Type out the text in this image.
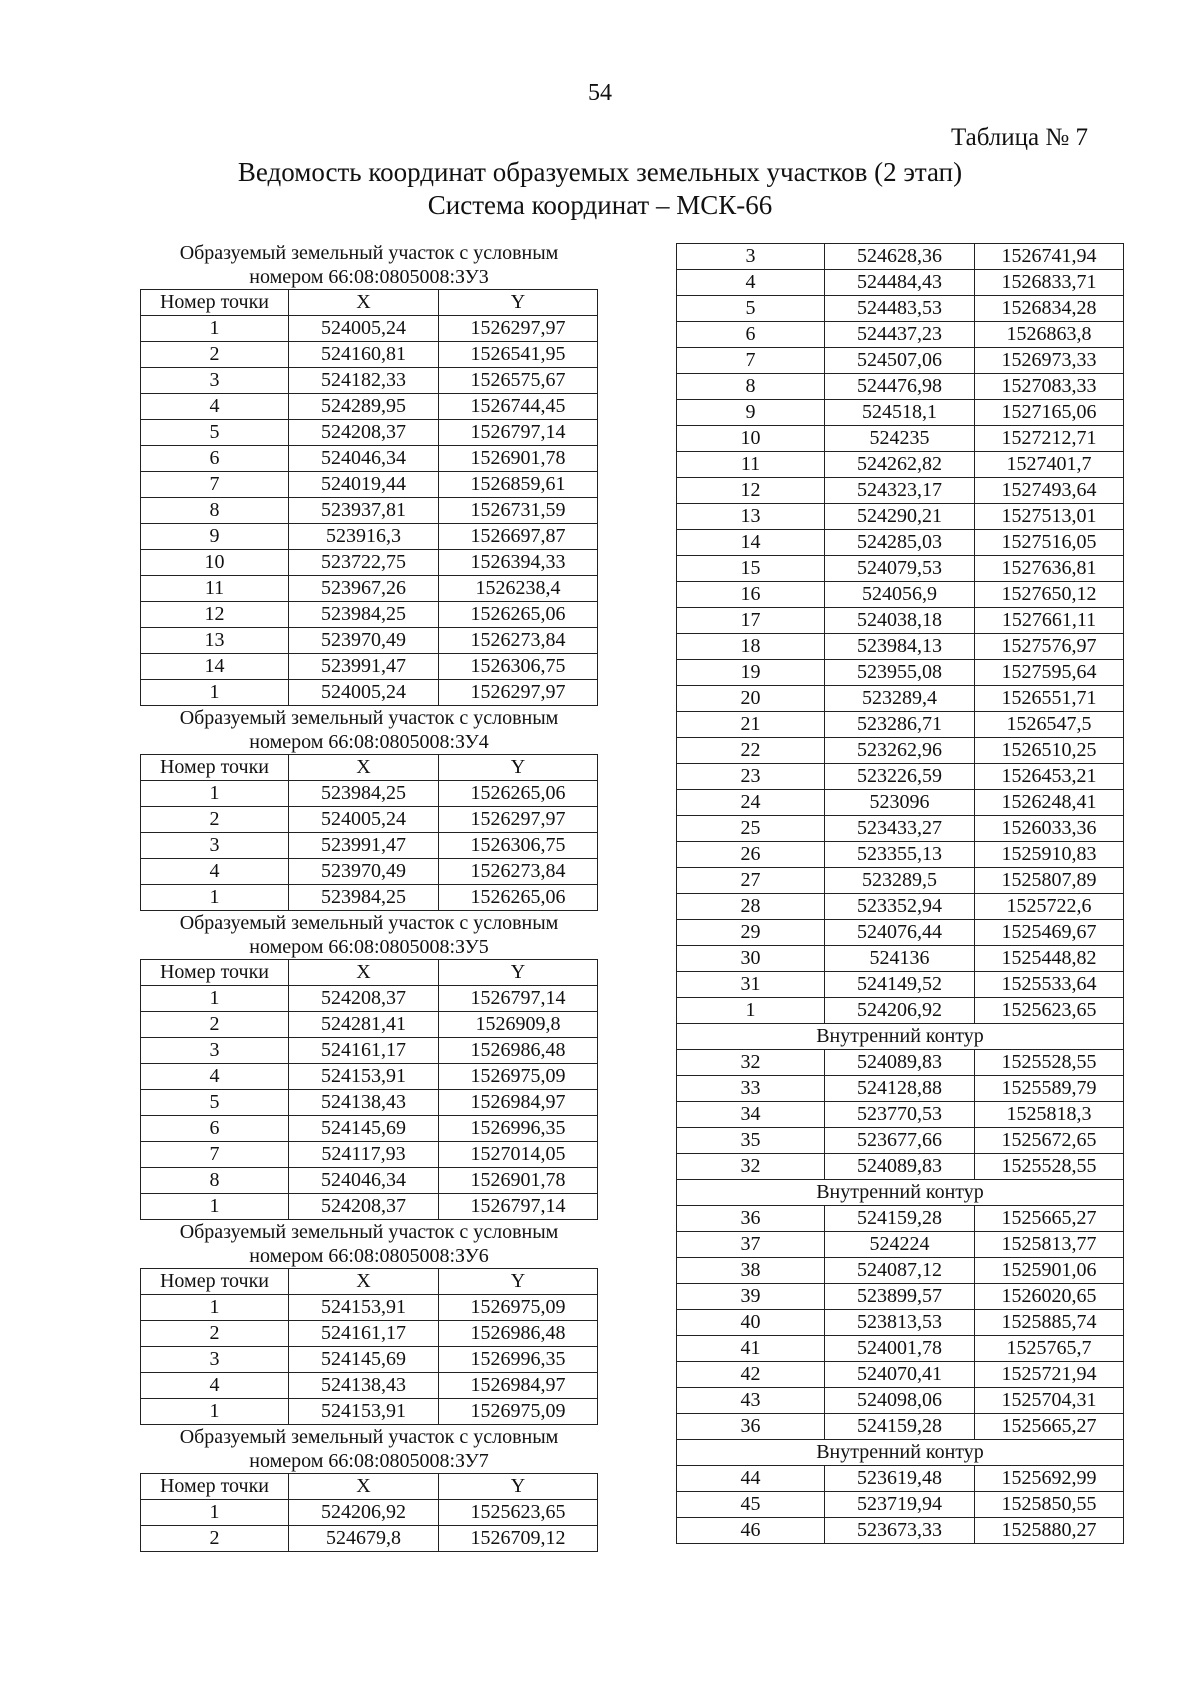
54
Таблица № 7
Ведомость координат образуемых земельных участков (2 этап)
Система координат – МСК-66
Образуемый земельный участок с условным
номером 66:08:0805008:ЗУ3
Номер точки	X	Y
1	524005,24	1526297,97
2	524160,81	1526541,95
3	524182,33	1526575,67
4	524289,95	1526744,45
5	524208,37	1526797,14
6	524046,34	1526901,78
7	524019,44	1526859,61
8	523937,81	1526731,59
9	523916,3	1526697,87
10	523722,75	1526394,33
11	523967,26	1526238,4
12	523984,25	1526265,06
13	523970,49	1526273,84
14	523991,47	1526306,75
1	524005,24	1526297,97
Образуемый земельный участок с условным
номером 66:08:0805008:ЗУ4
Номер точки	X	Y
1	523984,25	1526265,06
2	524005,24	1526297,97
3	523991,47	1526306,75
4	523970,49	1526273,84
1	523984,25	1526265,06
Образуемый земельный участок с условным
номером 66:08:0805008:ЗУ5
Номер точки	X	Y
1	524208,37	1526797,14
2	524281,41	1526909,8
3	524161,17	1526986,48
4	524153,91	1526975,09
5	524138,43	1526984,97
6	524145,69	1526996,35
7	524117,93	1527014,05
8	524046,34	1526901,78
1	524208,37	1526797,14
Образуемый земельный участок с условным
номером 66:08:0805008:ЗУ6
Номер точки	X	Y
1	524153,91	1526975,09
2	524161,17	1526986,48
3	524145,69	1526996,35
4	524138,43	1526984,97
1	524153,91	1526975,09
Образуемый земельный участок с условным
номером 66:08:0805008:ЗУ7
Номер точки	X	Y
1	524206,92	1525623,65
2	524679,8	1526709,12
3	524628,36	1526741,94
4	524484,43	1526833,71
5	524483,53	1526834,28
6	524437,23	1526863,8
7	524507,06	1526973,33
8	524476,98	1527083,33
9	524518,1	1527165,06
10	524235	1527212,71
11	524262,82	1527401,7
12	524323,17	1527493,64
13	524290,21	1527513,01
14	524285,03	1527516,05
15	524079,53	1527636,81
16	524056,9	1527650,12
17	524038,18	1527661,11
18	523984,13	1527576,97
19	523955,08	1527595,64
20	523289,4	1526551,71
21	523286,71	1526547,5
22	523262,96	1526510,25
23	523226,59	1526453,21
24	523096	1526248,41
25	523433,27	1526033,36
26	523355,13	1525910,83
27	523289,5	1525807,89
28	523352,94	1525722,6
29	524076,44	1525469,67
30	524136	1525448,82
31	524149,52	1525533,64
1	524206,92	1525623,65
Внутренний контур		
32	524089,83	1525528,55
33	524128,88	1525589,79
34	523770,53	1525818,3
35	523677,66	1525672,65
32	524089,83	1525528,55
Внутренний контур		
36	524159,28	1525665,27
37	524224	1525813,77
38	524087,12	1525901,06
39	523899,57	1526020,65
40	523813,53	1525885,74
41	524001,78	1525765,7
42	524070,41	1525721,94
43	524098,06	1525704,31
36	524159,28	1525665,27
Внутренний контур		
44	523619,48	1525692,99
45	523719,94	1525850,55
46	523673,33	1525880,27
